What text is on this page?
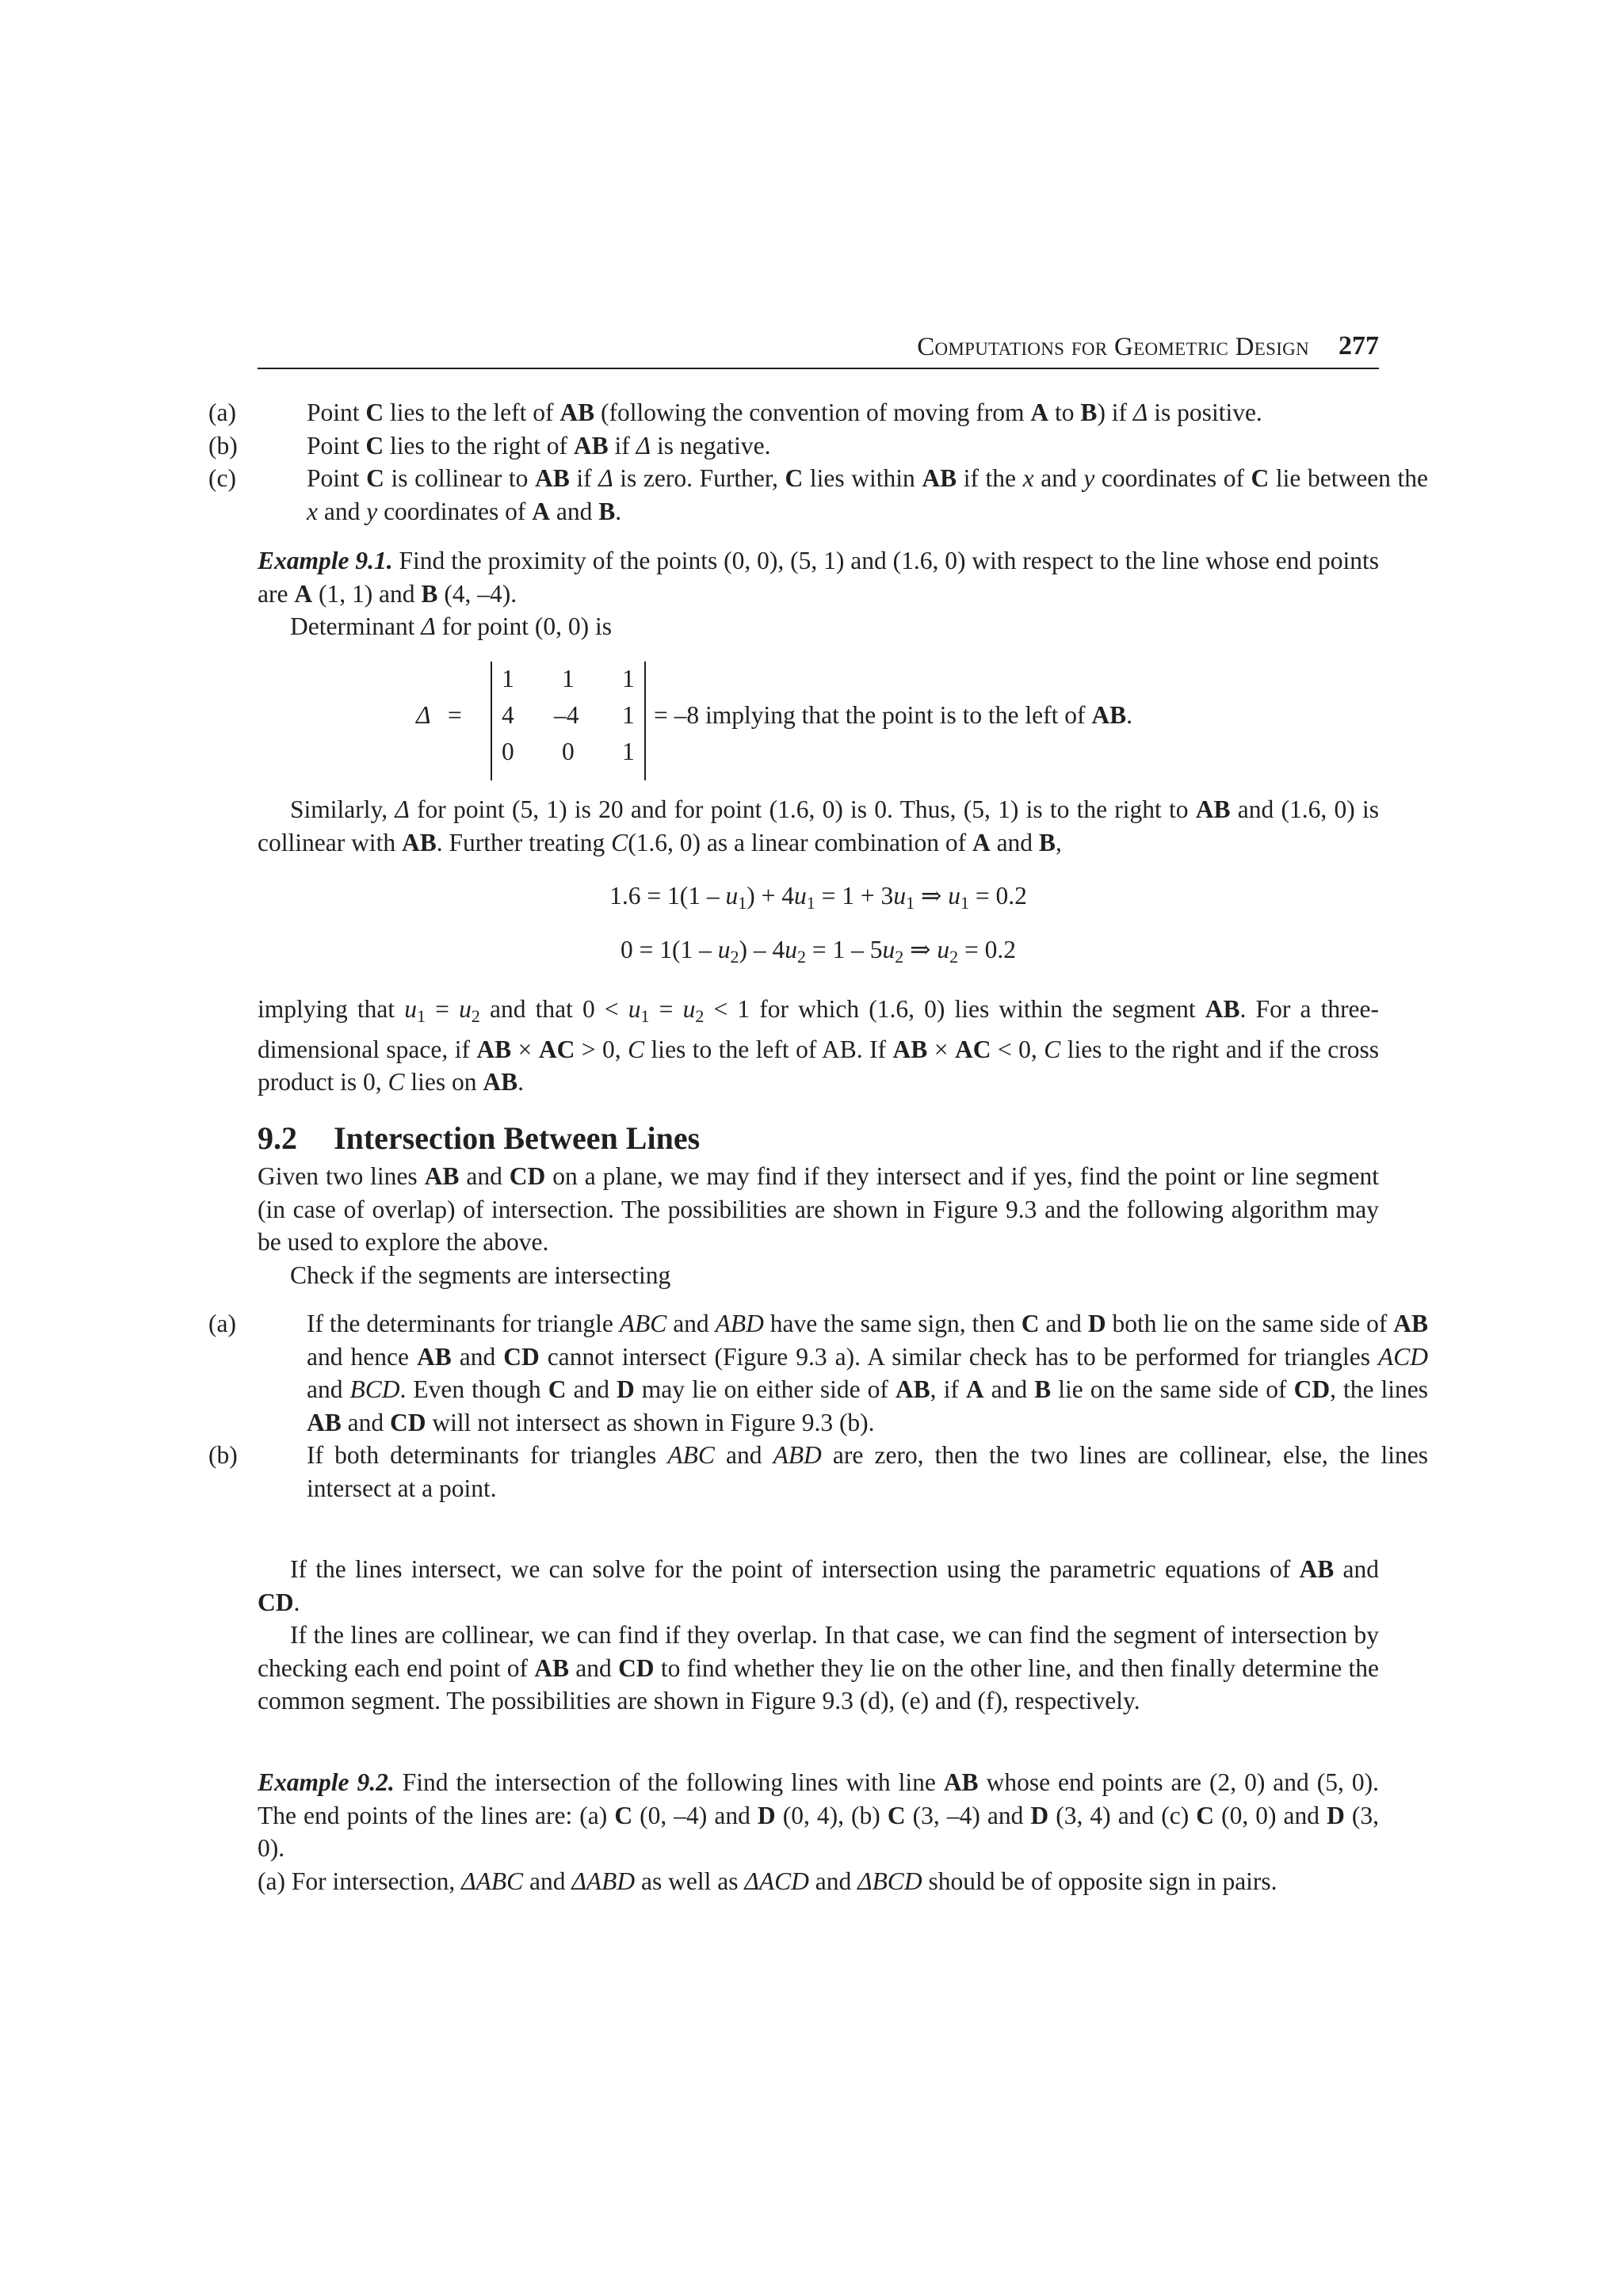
Computations for Geometric Design 277
(a)	Point C lies to the left of AB (following the convention of moving from A to B) if Δ is positive.
(b)	Point C lies to the right of AB if Δ is negative.
(c)	Point C is collinear to AB if Δ is zero. Further, C lies within AB if the x and y coordinates of C lie between the x and y coordinates of A and B.
Example 9.1. Find the proximity of the points (0, 0), (5, 1) and (1.6, 0) with respect to the line whose end points are A (1, 1) and B (4, –4).
Determinant Δ for point (0, 0) is
Δ =
1 1 1
4 –4 1
0 0 1
= –8 implying that the point is to the left of AB.
Similarly, Δ for point (5, 1) is 20 and for point (1.6, 0) is 0. Thus, (5, 1) is to the right to AB and (1.6, 0) is collinear with AB. Further treating C(1.6, 0) as a linear combination of A and B,
$1.6 = 1(1 - u_1) + 4u_1 = 1 + 3u_1$ ⇒ $u_1 = 0.2$
$0 = 1(1 - u_2) - 4u_2 = 1 - 5u_2$ ⇒ $u_2 = 0.2$
implying that $u_1 = u_2$ and that $0 < u_1 = u_2 < 1$ for which (1.6, 0) lies within the segment AB. For a three-dimensional space, if AB × AC > 0, C lies to the left of AB. If AB × AC < 0, C lies to the right and if the cross product is 0, C lies on AB.
9.2 Intersection Between Lines
Given two lines AB and CD on a plane, we may find if they intersect and if yes, find the point or line segment (in case of overlap) of intersection. The possibilities are shown in Figure 9.3 and the following algorithm may be used to explore the above.
Check if the segments are intersecting
(a)	If the determinants for triangle ABC and ABD have the same sign, then C and D both lie on the same side of AB and hence AB and CD cannot intersect (Figure 9.3 a). A similar check has to be performed for triangles ACD and BCD. Even though C and D may lie on either side of AB, if A and B lie on the same side of CD, the lines AB and CD will not intersect as shown in Figure 9.3 (b).
(b)	If both determinants for triangles ABC and ABD are zero, then the two lines are collinear, else, the lines intersect at a point.
If the lines intersect, we can solve for the point of intersection using the parametric equations of AB and CD.
If the lines are collinear, we can find if they overlap. In that case, we can find the segment of intersection by checking each end point of AB and CD to find whether they lie on the other line, and then finally determine the common segment. The possibilities are shown in Figure 9.3 (d), (e) and (f), respectively.
Example 9.2. Find the intersection of the following lines with line AB whose end points are (2, 0) and (5, 0). The end points of the lines are: (a) C (0, –4) and D (0, 4), (b) C (3, –4) and D (3, 4) and (c) C (0, 0) and D (3, 0).
(a) For intersection, ΔABC and ΔABD as well as ΔACD and ΔBCD should be of opposite sign in pairs.
